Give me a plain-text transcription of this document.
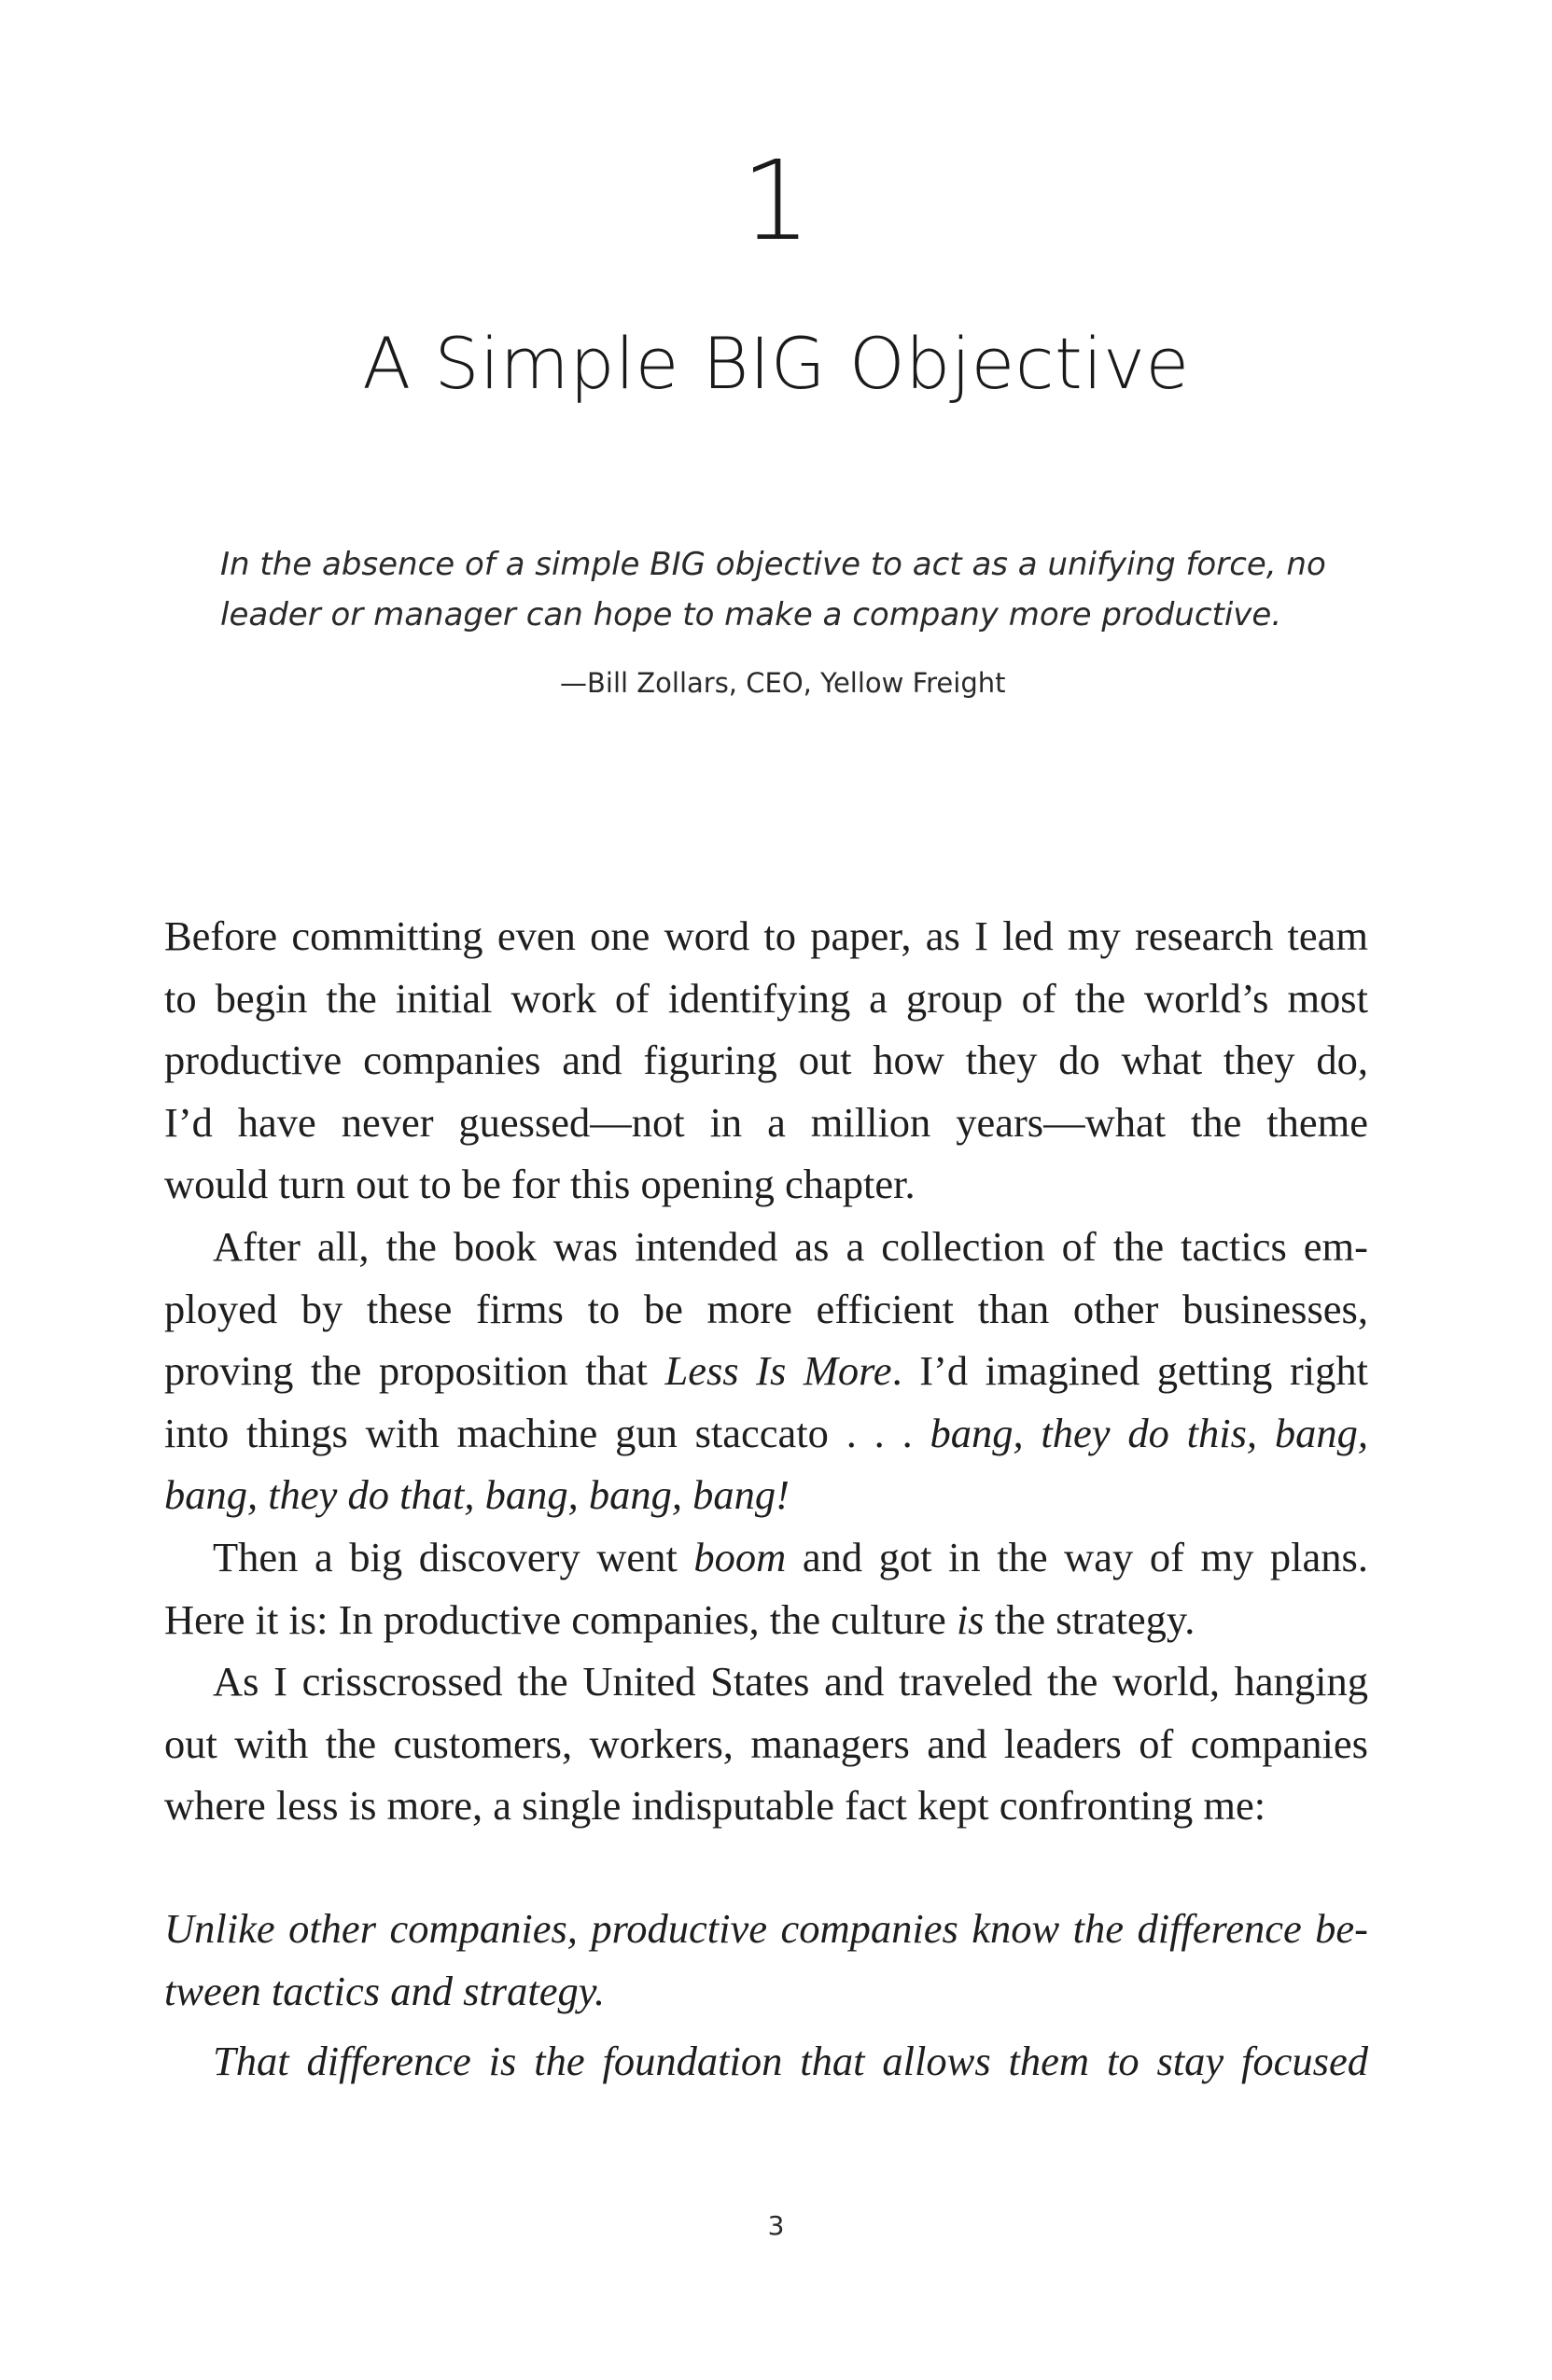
1
A Simple BIG Objective
In the absence of a simple BIG objective to act as a unifying force, no
leader or manager can hope to make a company more productive.
—Bill Zollars, CEO, Yellow Freight
Before committing even one word to paper, as I led my research team
to begin the initial work of identifying a group of the world’s most
productive companies and figuring out how they do what they do,
I’d have never guessed—not in a million years—what the theme
would turn out to be for this opening chapter.
After all, the book was intended as a collection of the tactics em-
ployed by these firms to be more efficient than other businesses,
proving the proposition that Less Is More. I’d imagined getting right
into things with machine gun staccato . . . bang, they do this, bang,
bang, they do that, bang, bang, bang!
Then a big discovery went boom and got in the way of my plans.
Here it is: In productive companies, the culture is the strategy.
As I crisscrossed the United States and traveled the world, hanging
out with the customers, workers, managers and leaders of companies
where less is more, a single indisputable fact kept confronting me:
Unlike other companies, productive companies know the difference be-
tween tactics and strategy.
That difference is the foundation that allows them to stay focused
3
